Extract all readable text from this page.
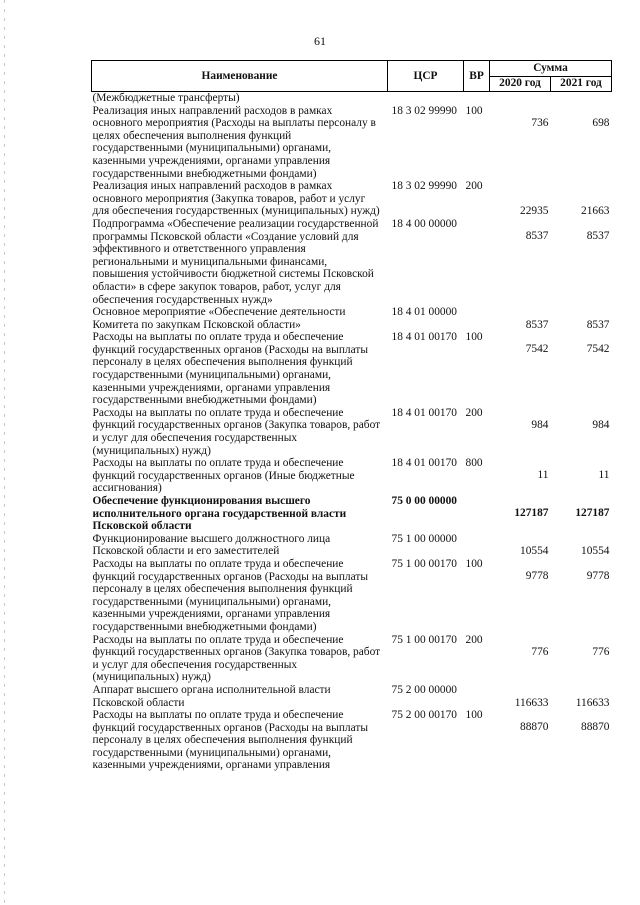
61
Наименование	ЦСР	ВР	Сумма	
			2020 год	2021 год
(Межбюджетные трансферты)				
Реализация иных направлений расходов в рамках основного мероприятия (Расходы на выплаты персоналу в целях обеспечения выполнения функций государственными (муниципальными) органами, казенными учреждениями, органами управления государственными внебюджетными фондами)	18 3 02 99990	100	736	698
Реализация иных направлений расходов в рамках основного мероприятия (Закупка товаров, работ и услуг для обеспечения государственных (муниципальных) нужд)	18 3 02 99990	200	22935	21663
Подпрограмма «Обеспечение реализации государственной программы Псковской области «Создание условий для эффективного и ответственного управления региональными и муниципальными финансами, повышения устойчивости бюджетной системы Псковской области» в сфере закупок товаров, работ, услуг для обеспечения государственных нужд»	18 4 00 00000		8537	8537
Основное мероприятие «Обеспечение деятельности Комитета по закупкам Псковской области»	18 4 01 00000		8537	8537
Расходы на выплаты по оплате труда и обеспечение функций государственных органов (Расходы на выплаты персоналу в целях обеспечения выполнения функций государственными (муниципальными) органами, казенными учреждениями, органами управления государственными внебюджетными фондами)	18 4 01 00170	100	7542	7542
Расходы на выплаты по оплате труда и обеспечение функций государственных органов (Закупка товаров, работ и услуг для обеспечения государственных (муниципальных) нужд)	18 4 01 00170	200	984	984
Расходы на выплаты по оплате труда и обеспечение функций государственных органов (Иные бюджетные ассигнования)	18 4 01 00170	800	11	11
Обеспечение функционирования высшего исполнительного органа государственной власти Псковской области	75 0 00 00000		127187	127187
Функционирование высшего должностного лица Псковской области и его заместителей	75 1 00 00000		10554	10554
Расходы на выплаты по оплате труда и обеспечение функций государственных органов (Расходы на выплаты персоналу в целях обеспечения выполнения функций государственными (муниципальными) органами, казенными учреждениями, органами управления государственными внебюджетными фондами)	75 1 00 00170	100	9778	9778
Расходы на выплаты по оплате труда и обеспечение функций государственных органов (Закупка товаров, работ и услуг для обеспечения государственных (муниципальных) нужд)	75 1 00 00170	200	776	776
Аппарат высшего органа исполнительной власти Псковской области	75 2 00 00000		116633	116633
Расходы на выплаты по оплате труда и обеспечение функций государственных органов (Расходы на выплаты персоналу в целях обеспечения выполнения функций государственными (муниципальными) органами, казенными учреждениями, органами управления	75 2 00 00170	100	88870	88870
